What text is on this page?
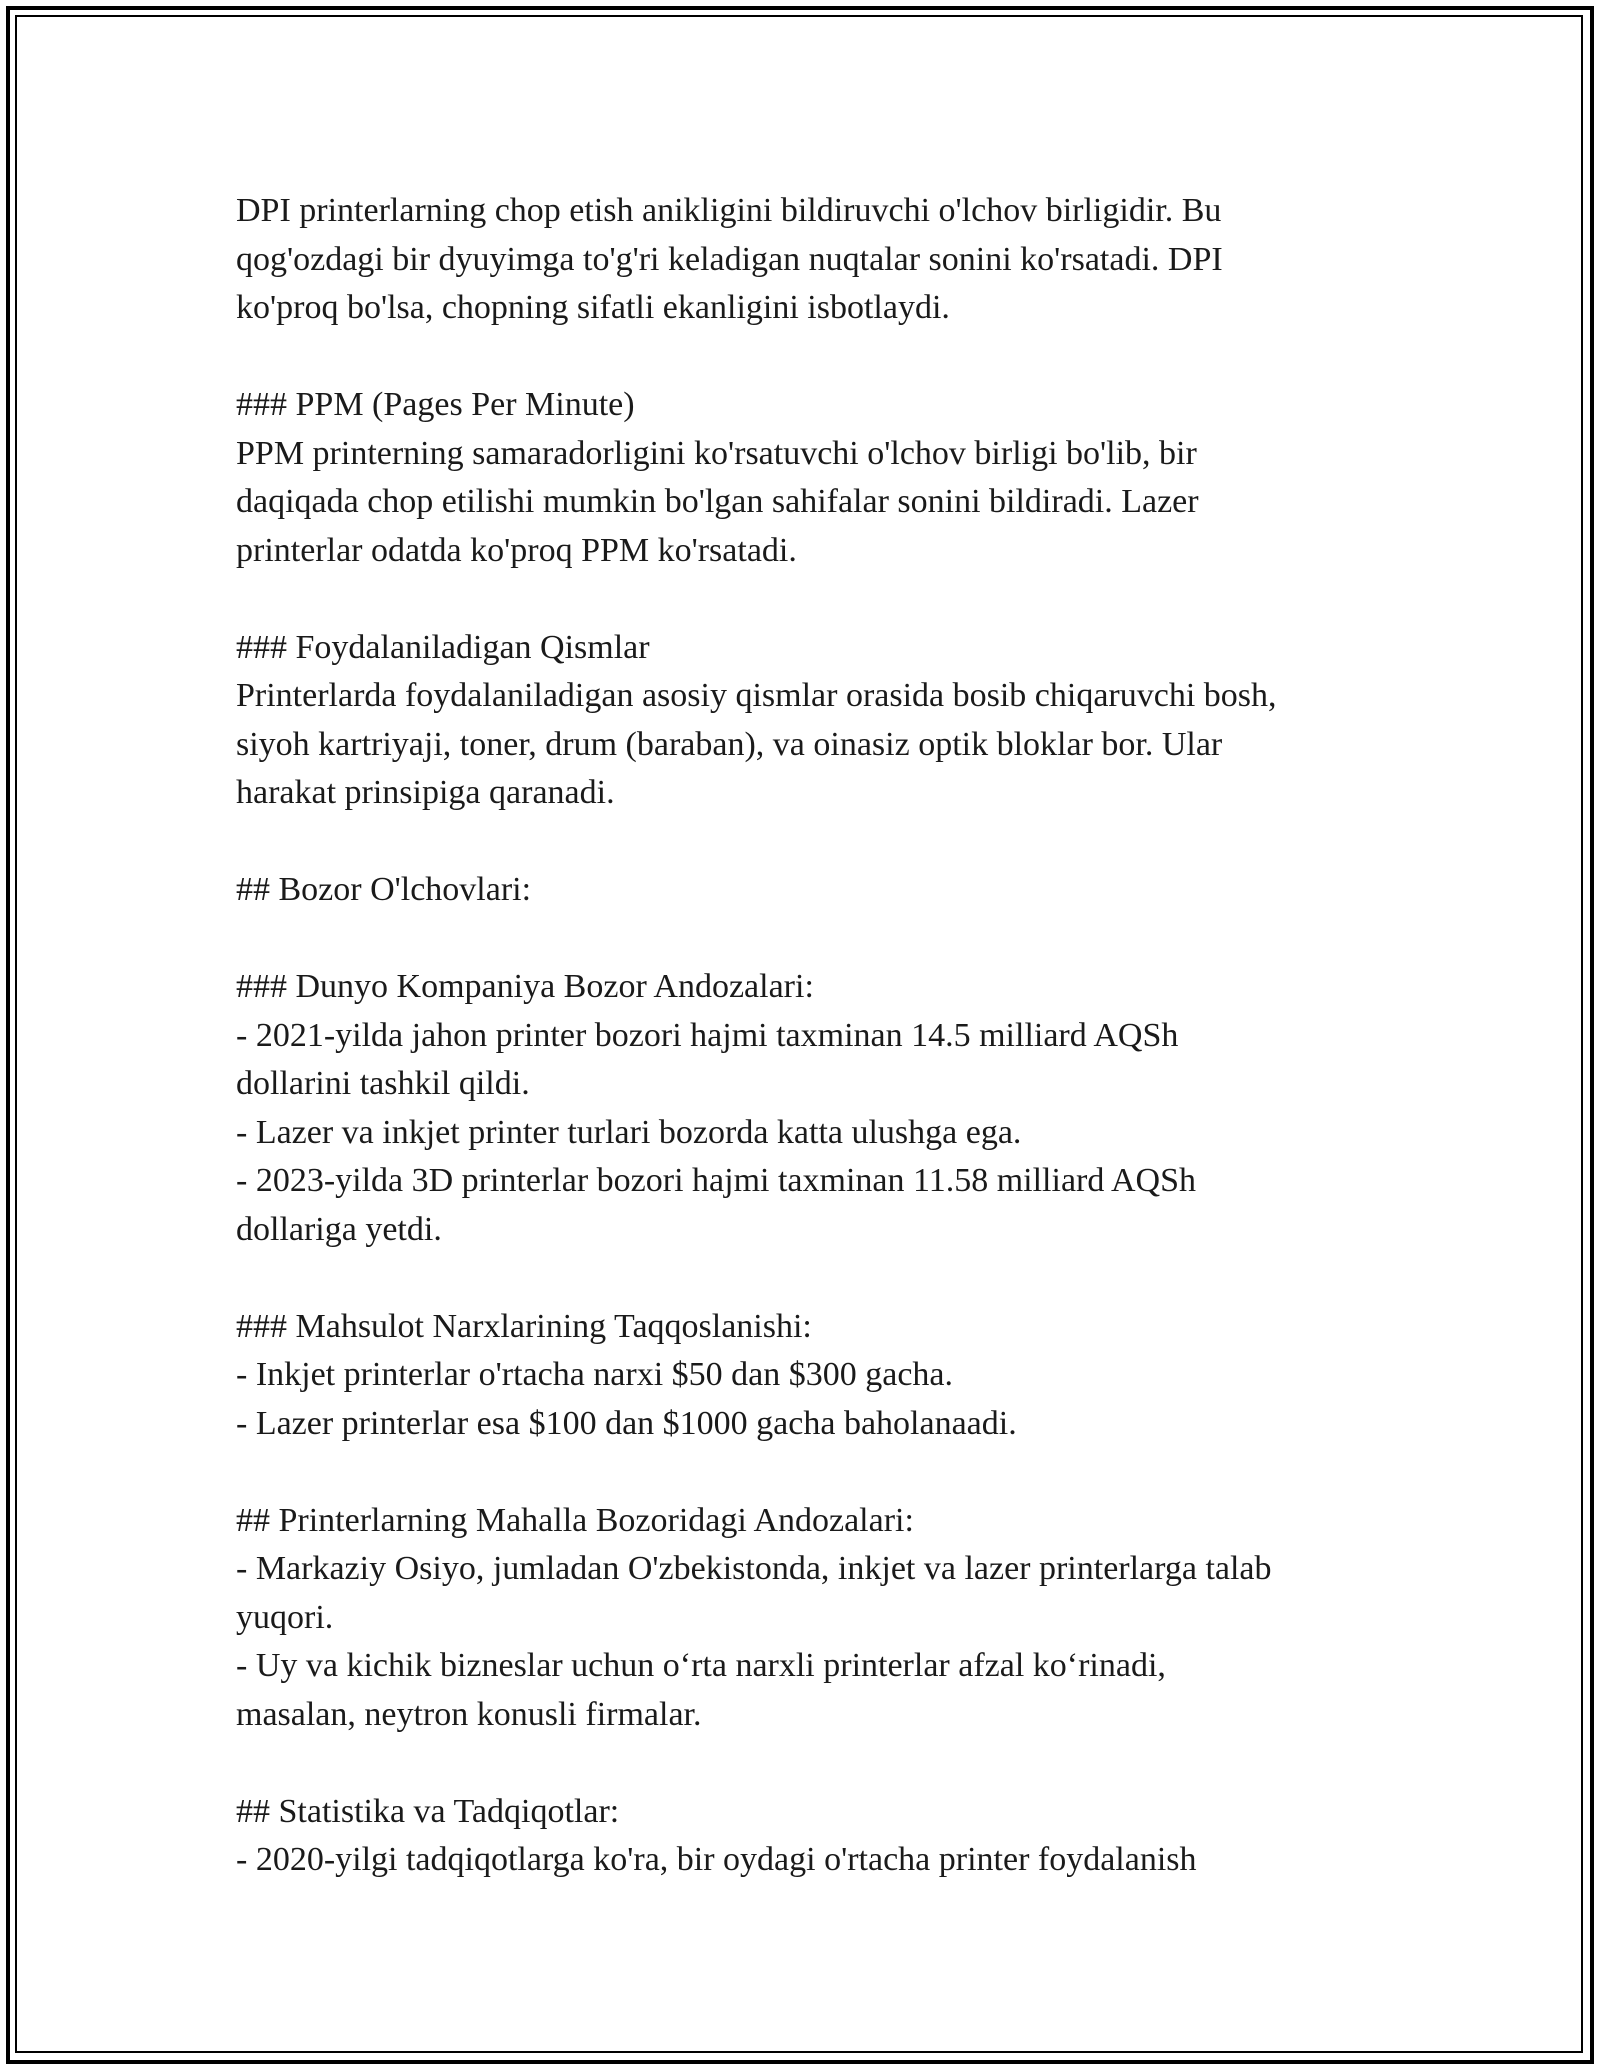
DPI printerlarning chop etish anikligini bildiruvchi o'lchov birligidir. Bu
qog'ozdagi bir dyuyimga to'g'ri keladigan nuqtalar sonini ko'rsatadi. DPI
ko'proq bo'lsa, chopning sifatli ekanligini isbotlaydi.
### PPM (Pages Per Minute)
PPM printerning samaradorligini ko'rsatuvchi o'lchov birligi bo'lib, bir
daqiqada chop etilishi mumkin bo'lgan sahifalar sonini bildiradi. Lazer
printerlar odatda ko'proq PPM ko'rsatadi.
### Foydalaniladigan Qismlar
Printerlarda foydalaniladigan asosiy qismlar orasida bosib chiqaruvchi bosh,
siyoh kartriyaji, toner, drum (baraban), va oinasiz optik bloklar bor. Ular
harakat prinsipiga qaranadi.
## Bozor O'lchovlari:
### Dunyo Kompaniya Bozor Andozalari:
- 2021-yilda jahon printer bozori hajmi taxminan 14.5 milliard AQSh
dollarini tashkil qildi.
- Lazer va inkjet printer turlari bozorda katta ulushga ega.
- 2023-yilda 3D printerlar bozori hajmi taxminan 11.58 milliard AQSh
dollariga yetdi.
### Mahsulot Narxlarining Taqqoslanishi:
- Inkjet printerlar o'rtacha narxi $50 dan $300 gacha.
- Lazer printerlar esa $100 dan $1000 gacha baholanaadi.
## Printerlarning Mahalla Bozoridagi Andozalari:
- Markaziy Osiyo, jumladan O'zbekistonda, inkjet va lazer printerlarga talab
yuqori.
- Uy va kichik bizneslar uchun o‘rta narxli printerlar afzal ko‘rinadi,
masalan, neytron konusli firmalar.
## Statistika va Tadqiqotlar:
- 2020-yilgi tadqiqotlarga ko'ra, bir oydagi o'rtacha printer foydalanish
